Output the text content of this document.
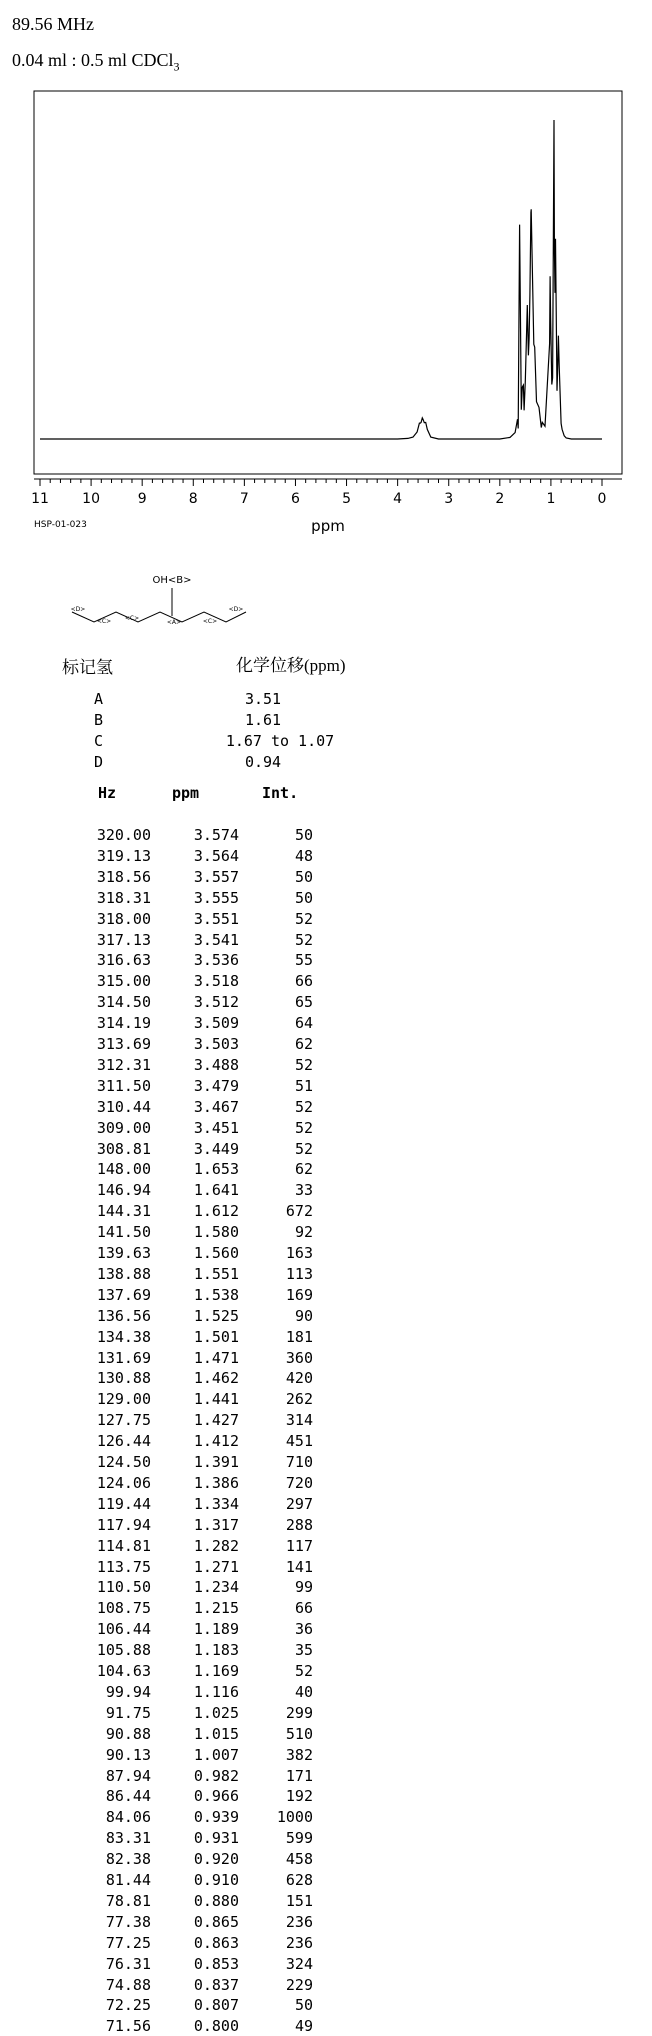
89.56 MHz
0.04 ml : 0.5 ml CDCl$_3$
11 10	9	8	7	6	5	4	3	2	1	0
ppm
HSP-01-023
OH<B>
<D>
<C> <C>
<A>	<C>
<D>
标记氢	化学位移(ppm)
A	3.51
B	1.61
C	1.67 to 1.07
D	0.94
Hz	ppm	Int.
320.00	3.574	50
319.13	3.564	48
318.56	3.557	50
318.31	3.555	50
318.00	3.551	52
317.13	3.541	52
316.63	3.536	55
315.00	3.518	66
314.50	3.512	65
314.19	3.509	64
313.69	3.503	62
312.31	3.488	52
311.50	3.479	51
310.44	3.467	52
309.00	3.451	52
308.81	3.449	52
148.00	1.653	62
146.94	1.641	33
144.31	1.612	672
141.50	1.580	92
139.63	1.560	163
138.88	1.551	113
137.69	1.538	169
136.56	1.525	90
134.38	1.501	181
131.69	1.471	360
130.88	1.462	420
129.00	1.441	262
127.75	1.427	314
126.44	1.412	451
124.50	1.391	710
124.06	1.386	720
119.44	1.334	297
117.94	1.317	288
114.81	1.282	117
113.75	1.271	141
110.50	1.234	99
108.75	1.215	66
106.44	1.189	36
105.88	1.183	35
104.63	1.169	52
99.94	1.116	40
91.75	1.025	299
90.88	1.015	510
90.13	1.007	382
87.94	0.982	171
86.44	0.966	192
84.06	0.939	1000
83.31	0.931	599
82.38	0.920	458
81.44	0.910	628
78.81	0.880	151
77.38	0.865	236
77.25	0.863	236
76.31	0.853	324
74.88	0.837	229
72.25	0.807	50
71.56	0.800	49
